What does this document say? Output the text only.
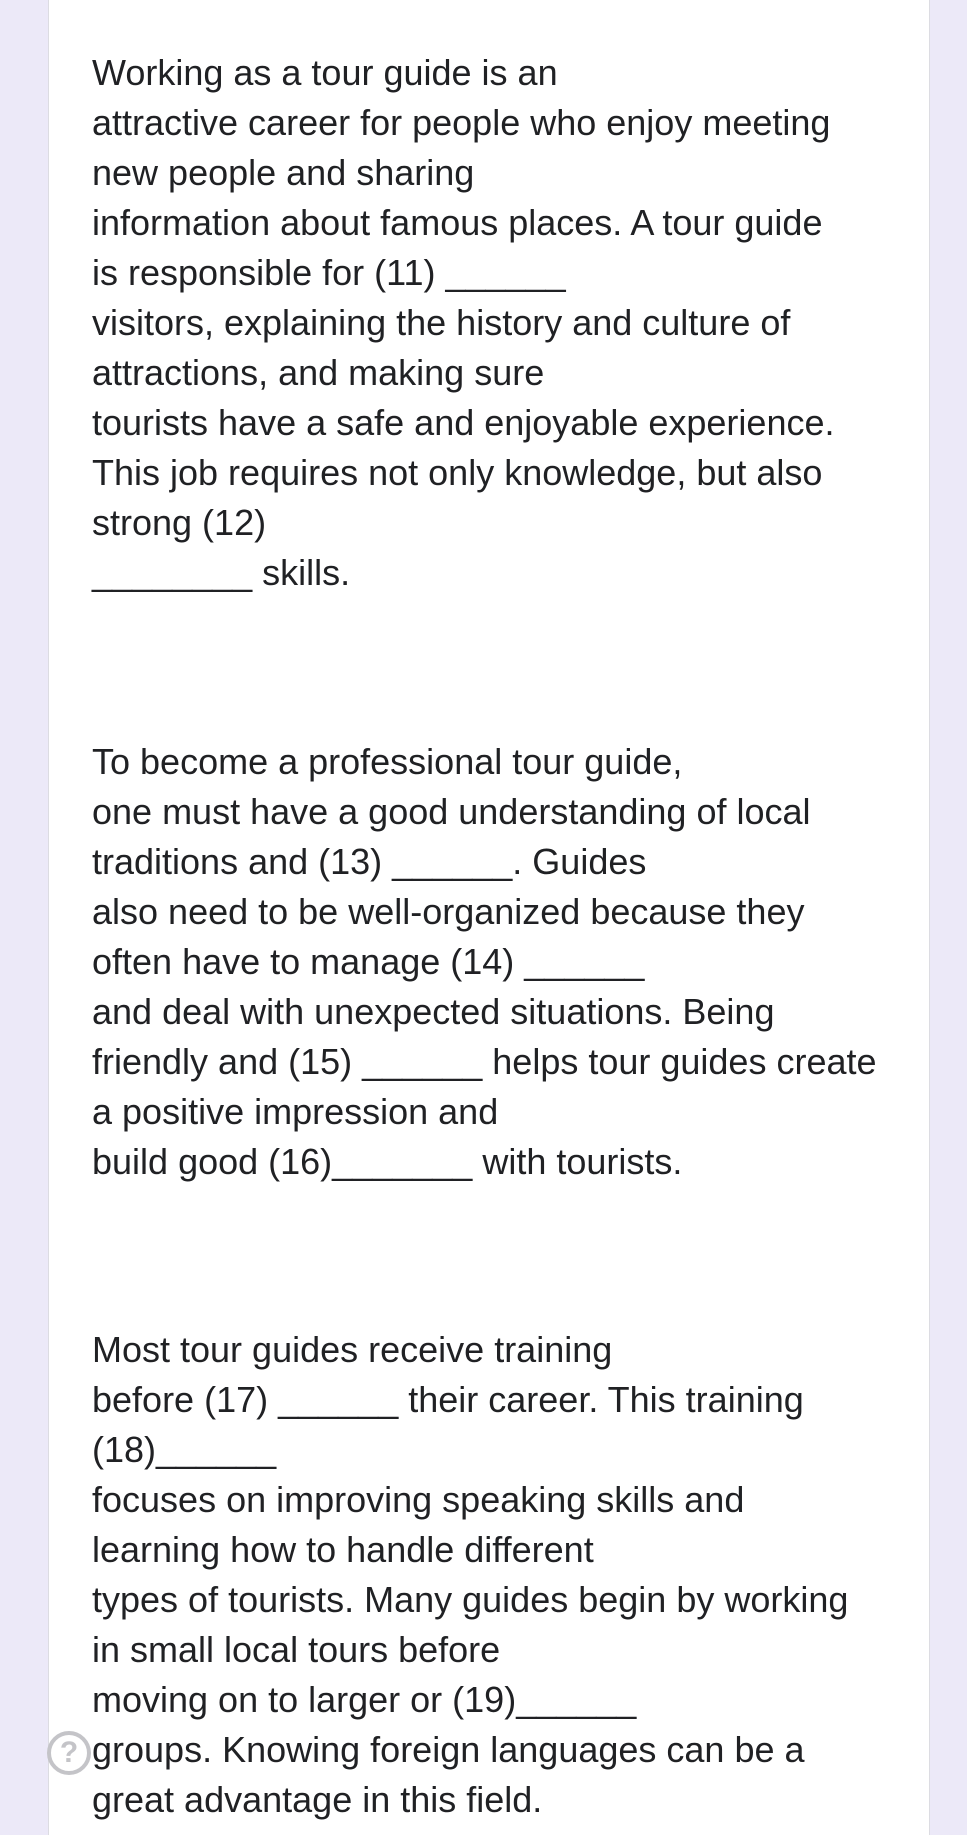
Working as a tour guide is an
attractive career for people who enjoy meeting
new people and sharing
information about famous places. A tour guide
is responsible for (11) ______
visitors, explaining the history and culture of
attractions, and making sure
tourists have a safe and enjoyable experience.
This job requires not only knowledge, but also
strong (12)
________ skills.
To become a professional tour guide,
one must have a good understanding of local
traditions and (13) ______. Guides
also need to be well-organized because they
often have to manage (14) ______
and deal with unexpected situations. Being
friendly and (15) ______ helps tour guides create
a positive impression and
build good (16)_______ with tourists.
Most tour guides receive training
before (17) ______ their career. This training
(18)______
focuses on improving speaking skills and
learning how to handle different
types of tourists. Many guides begin by working
in small local tours before
moving on to larger or (19)______
groups. Knowing foreign languages can be a
great advantage in this field.
?
